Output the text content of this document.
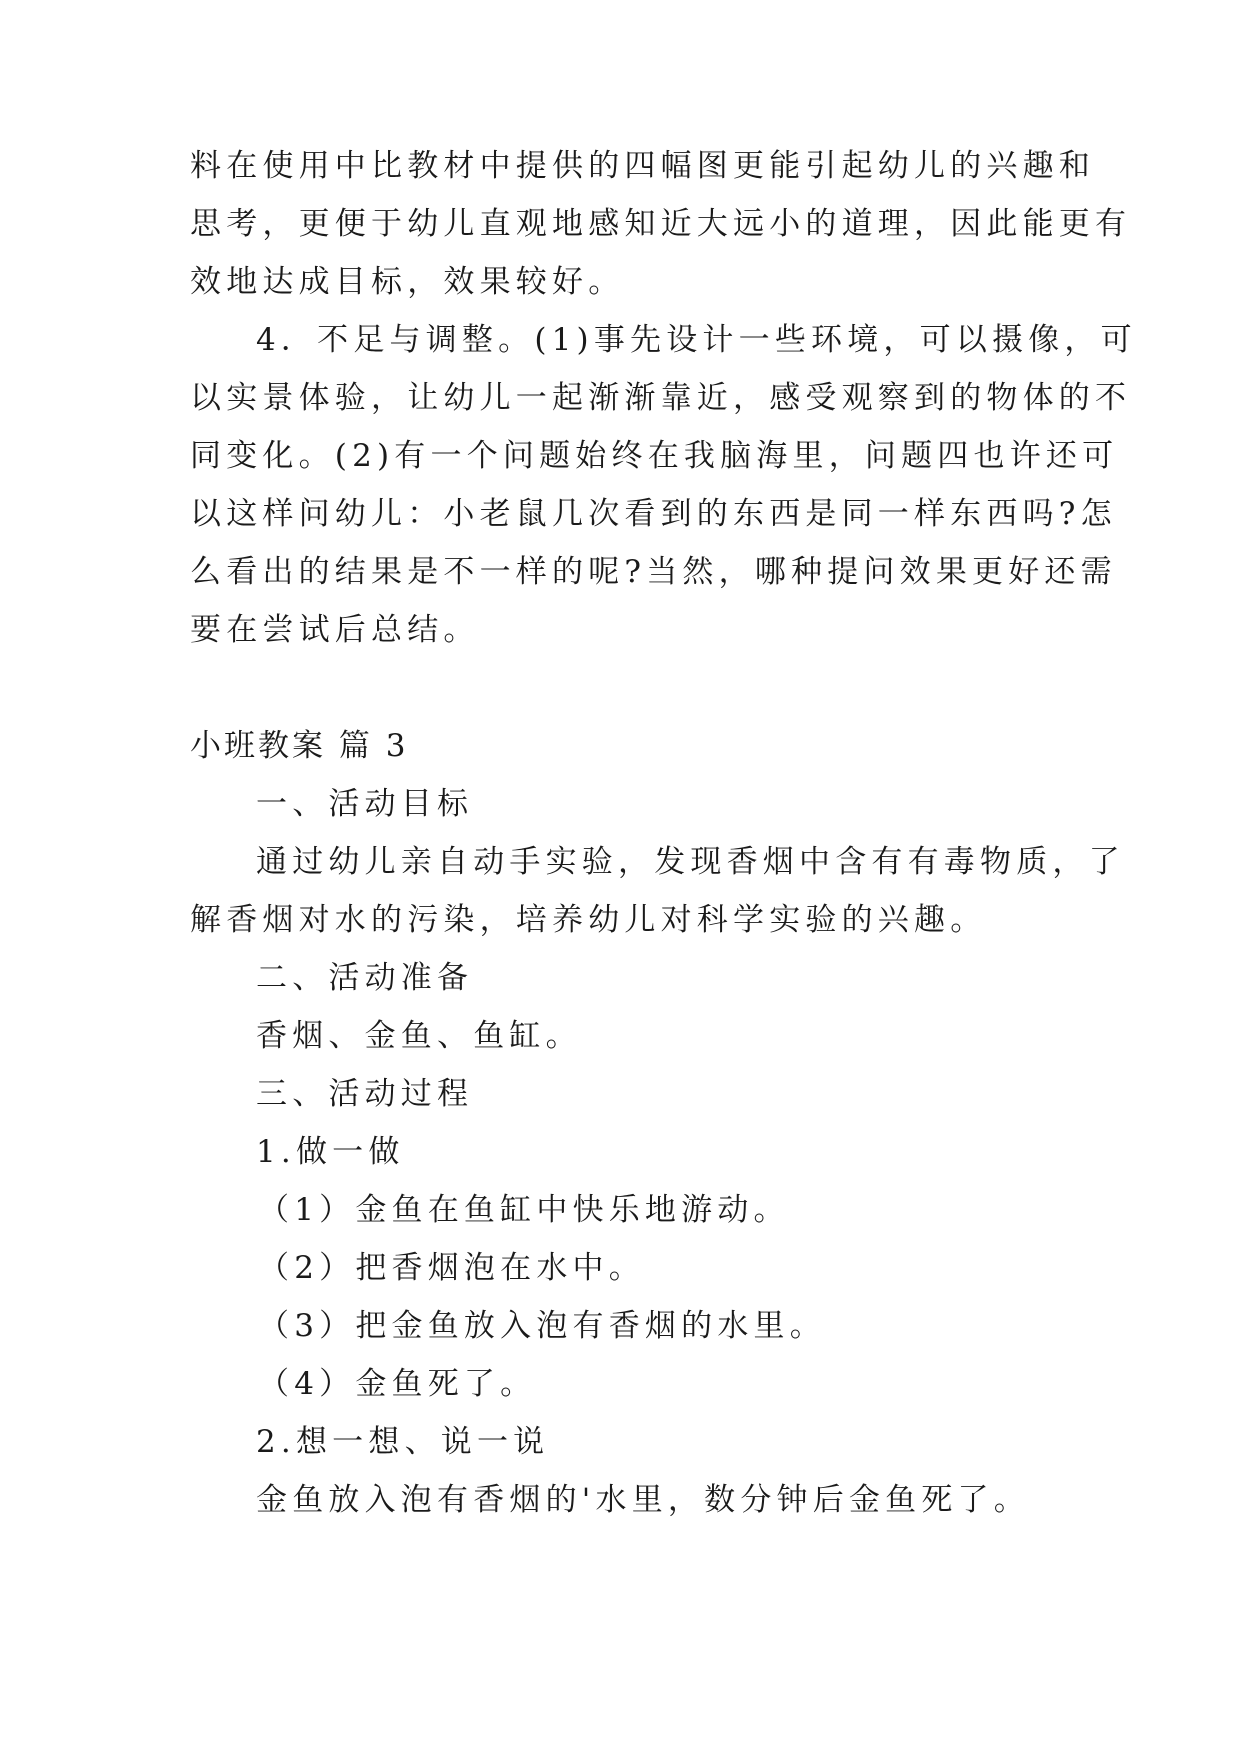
料在使用中比教材中提供的四幅图更能引起幼儿的兴趣和
思考，更便于幼儿直观地感知近大远小的道理，因此能更有
效地达成目标，效果较好。
4．不足与调整。(1)事先设计一些环境，可以摄像，可
以实景体验，让幼儿一起渐渐靠近，感受观察到的物体的不
同变化。(2)有一个问题始终在我脑海里，问题四也许还可
以这样问幼儿：小老鼠几次看到的东西是同一样东西吗?怎
么看出的结果是不一样的呢?当然，哪种提问效果更好还需
要在尝试后总结。
小班教案 篇 3
一、活动目标
通过幼儿亲自动手实验，发现香烟中含有有毒物质，了
解香烟对水的污染，培养幼儿对科学实验的兴趣。
二、活动准备
香烟、金鱼、鱼缸。
三、活动过程
1.做一做
（1）金鱼在鱼缸中快乐地游动。
（2）把香烟泡在水中。
（3）把金鱼放入泡有香烟的水里。
（4）金鱼死了。
2.想一想、说一说
金鱼放入泡有香烟的'水里，数分钟后金鱼死了。
